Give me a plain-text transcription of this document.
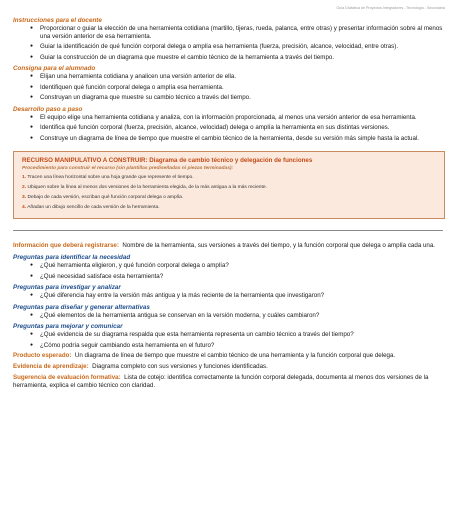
Guía Didáctica de Proyectos Integradores - Tecnología - Secundaria

Instrucciones para el docente

● Proporcionar o guiar la elección de una herramienta cotidiana (martillo, tijeras, rueda, palanca, entre otras) y presentar información sobre al menos una versión anterior de esa herramienta.
● Guiar la identificación de qué función corporal delega o amplía esa herramienta (fuerza, precisión, alcance, velocidad, entre otras).
● Guiar la construcción de un diagrama que muestre el cambio técnico de la herramienta a través del tiempo.

Consigna para el alumnado

● Elijan una herramienta cotidiana y analicen una versión anterior de ella.
● Identifiquen qué función corporal delega o amplía esa herramienta.
● Construyan un diagrama que muestre su cambio técnico a través del tiempo.

Desarrollo paso a paso

● El equipo elige una herramienta cotidiana y analiza, con la información proporcionada, al menos una versión anterior de esa herramienta.
● Identifica qué función corporal (fuerza, precisión, alcance, velocidad) delega o amplía la herramienta en sus distintas versiones.
● Construye un diagrama de línea de tiempo que muestre el cambio técnico de la herramienta, desde su versión más simple hasta la actual.

RECURSO MANIPULATIVO A CONSTRUIR: Diagrama de cambio técnico y delegación de funciones

Procedimiento para construir el recurso (sin plantillas prediseñadas ni piezas terminadas):

1. Tracen una línea horizontal sobre una hoja grande que represente el tiempo.

2. Ubiquen sobre la línea al menos dos versiones de la herramienta elegida, de la más antigua a la más reciente.

3. Debajo de cada versión, escriban qué función corporal delega o amplía.

4. Añadan un dibujo sencillo de cada versión de la herramienta.

Información que deberá registrarse: Nombre de la herramienta, sus versiones a través del tiempo, y la función corporal que delega o amplía cada una.

Preguntas para identificar la necesidad

● ¿Qué herramienta eligieron, y qué función corporal delega o amplía?
● ¿Qué necesidad satisface esta herramienta?

Preguntas para investigar y analizar

● ¿Qué diferencia hay entre la versión más antigua y la más reciente de la herramienta que investigaron?

Preguntas para diseñar y generar alternativas

● ¿Qué elementos de la herramienta antigua se conservan en la versión moderna, y cuáles cambiaron?

Preguntas para mejorar y comunicar

● ¿Qué evidencia de su diagrama respalda que esta herramienta representa un cambio técnico a través del tiempo?
● ¿Cómo podría seguir cambiando esta herramienta en el futuro?

Producto esperado: Un diagrama de línea de tiempo que muestre el cambio técnico de una herramienta y la función corporal que delega.

Evidencia de aprendizaje: Diagrama completo con sus versiones y funciones identificadas.

Sugerencia de evaluación formativa: Lista de cotejo: identifica correctamente la función corporal delegada, documenta al menos dos versiones de la herramienta, explica el cambio técnico con claridad.
